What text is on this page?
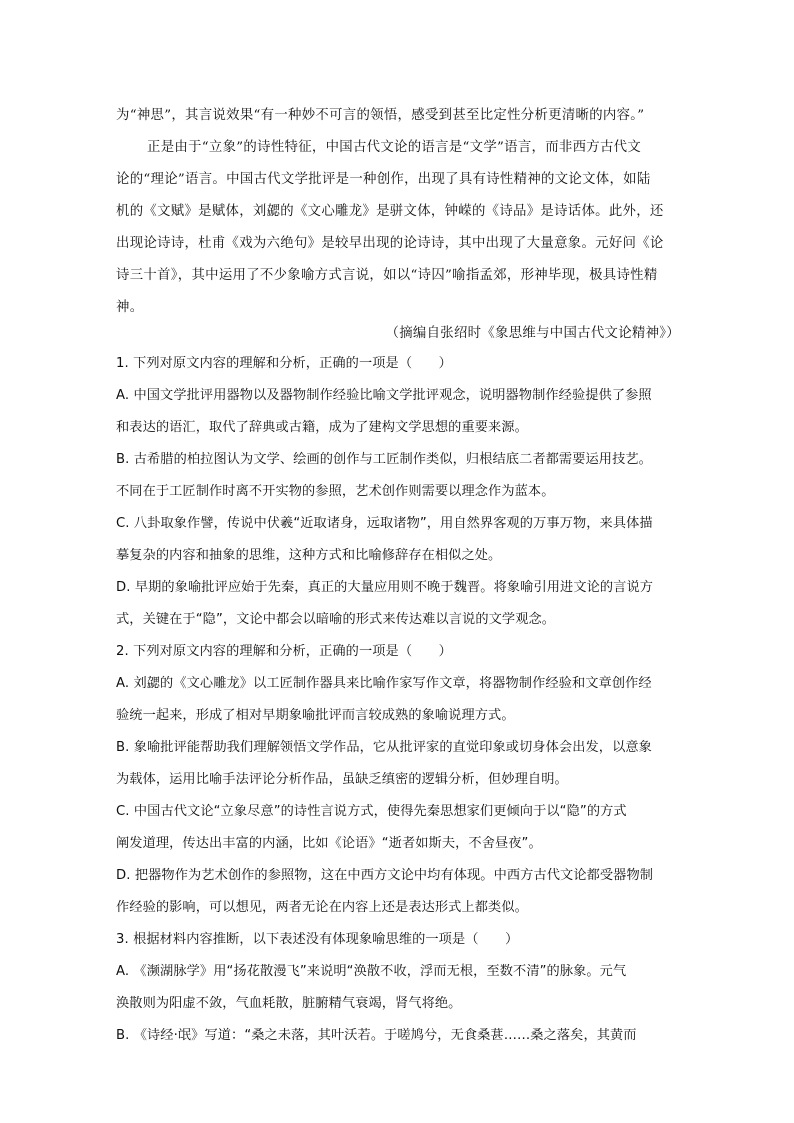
为“神思”，其言说效果“有一种妙不可言的领悟，感受到甚至比定性分析更清晰的内容。”
正是由于“立象”的诗性特征，中国古代文论的语言是“文学”语言，而非西方古代文
论的“理论”语言。中国古代文学批评是一种创作，出现了具有诗性精神的文论文体，如陆
机的《文赋》是赋体，刘勰的《文心雕龙》是骈文体，钟嵘的《诗品》是诗话体。此外，还
出现论诗诗，杜甫《戏为六绝句》是较早出现的论诗诗，其中出现了大量意象。元好问《论
诗三十首》，其中运用了不少象喻方式言说，如以“诗囚”喻指孟郊，形神毕现，极具诗性精
神。
（摘编自张绍时《象思维与中国古代文论精神》）
1. 下列对原文内容的理解和分析，正确的一项是（　　）
A. 中国文学批评用器物以及器物制作经验比喻文学批评观念，说明器物制作经验提供了参照
和表达的语汇，取代了辞典或古籍，成为了建构文学思想的重要来源。
B. 古希腊的柏拉图认为文学、绘画的创作与工匠制作类似，归根结底二者都需要运用技艺。
不同在于工匠制作时离不开实物的参照，艺术创作则需要以理念作为蓝本。
C. 八卦取象作譬，传说中伏羲“近取诸身，远取诸物”，用自然界客观的万事万物，来具体描
摹复杂的内容和抽象的思维，这种方式和比喻修辞存在相似之处。
D. 早期的象喻批评应始于先秦，真正的大量应用则不晚于魏晋。将象喻引用进文论的言说方
式，关键在于“隐”，文论中都会以暗喻的形式来传达难以言说的文学观念。
2. 下列对原文内容的理解和分析，正确的一项是（　　）
A. 刘勰的《文心雕龙》以工匠制作器具来比喻作家写作文章，将器物制作经验和文章创作经
验统一起来，形成了相对早期象喻批评而言较成熟的象喻说理方式。
B. 象喻批评能帮助我们理解领悟文学作品，它从批评家的直觉印象或切身体会出发，以意象
为载体，运用比喻手法评论分析作品，虽缺乏缜密的逻辑分析，但妙理自明。
C. 中国古代文论“立象尽意”的诗性言说方式，使得先秦思想家们更倾向于以“隐”的方式
阐发道理，传达出丰富的内涵，比如《论语》“逝者如斯夫，不舍昼夜”。
D. 把器物作为艺术创作的参照物，这在中西方文论中均有体现。中西方古代文论都受器物制
作经验的影响，可以想见，两者无论在内容上还是表达形式上都类似。
3. 根据材料内容推断，以下表述没有体现象喻思维的一项是（　　）
A. 《濒湖脉学》用“扬花散漫飞”来说明“涣散不收，浮而无根，至数不清”的脉象。元气
涣散则为阳虚不敛，气血耗散，脏腑精气衰竭，肾气将绝。
B. 《诗经·氓》写道：“桑之未落，其叶沃若。于嗟鸠兮，无食桑葚……桑之落矣，其黄而
